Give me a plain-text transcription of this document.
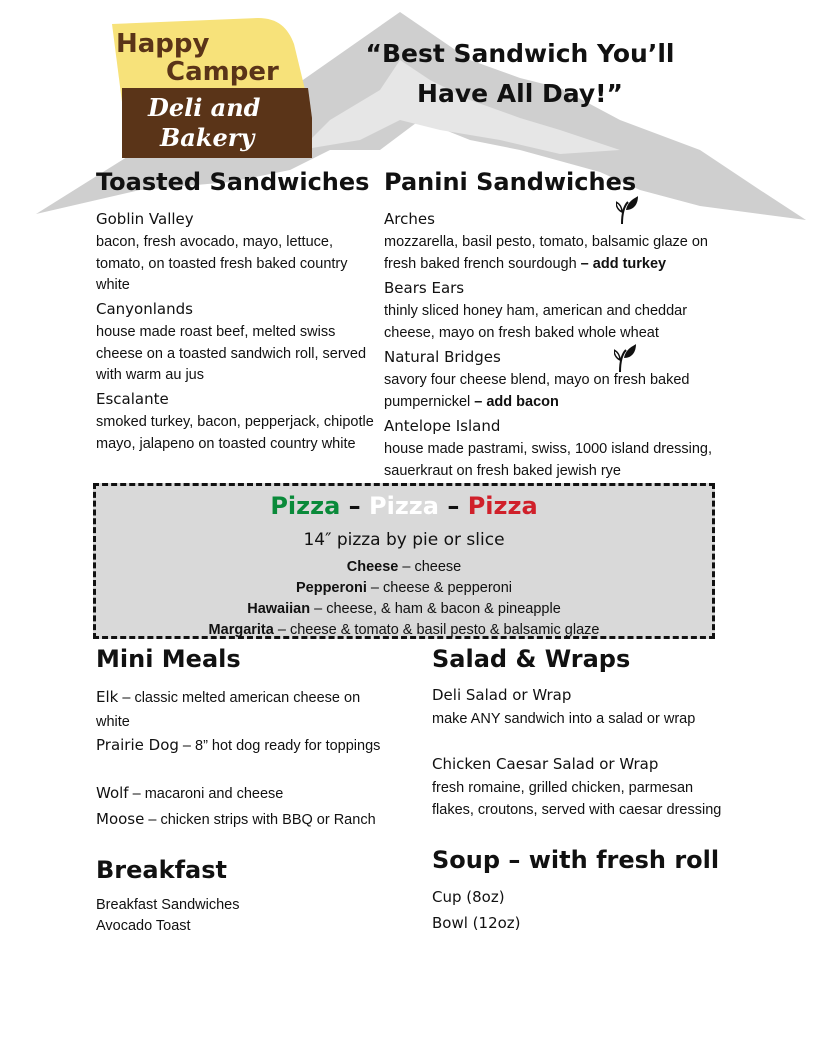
Happy
Camper
Deli and
Bakery
“Best Sandwich You’ll
Have All Day!”
Toasted Sandwiches
Goblin Valley
bacon, fresh avocado, mayo, lettuce, tomato, on toasted fresh baked country white
Canyonlands
house made roast beef, melted swiss cheese on a toasted sandwich roll, served with warm au jus
Escalante
smoked turkey, bacon, pepperjack, chipotle mayo, jalapeno on toasted country white
Panini Sandwiches
Arches
mozzarella, basil pesto, tomato, balsamic glaze on fresh baked french sourdough – add turkey
Bears Ears
thinly sliced honey ham, american and cheddar cheese, mayo on fresh baked whole wheat
Natural Bridges
savory four cheese blend, mayo on fresh baked pumpernickel – add bacon
Antelope Island
house made pastrami, swiss, 1000 island dressing, sauerkraut on fresh baked jewish rye
Pizza – Pizza – Pizza
14″ pizza by pie or slice
Cheese – cheese
Pepperoni – cheese & pepperoni
Hawaiian – cheese, & ham & bacon & pineapple
Margarita – cheese & tomato & basil pesto & balsamic glaze
Mini Meals
Elk – classic melted american cheese on white
Prairie Dog – 8” hot dog ready for toppings
Wolf – macaroni and cheese
Moose – chicken strips with BBQ or Ranch
Breakfast
Breakfast Sandwiches
Avocado Toast
Salad & Wraps
Deli Salad or Wrap
make ANY sandwich into a salad or wrap
Chicken Caesar Salad or Wrap
fresh romaine, grilled chicken, parmesan flakes, croutons, served with caesar dressing
Soup – with fresh roll
Cup (8oz)
Bowl (12oz)
